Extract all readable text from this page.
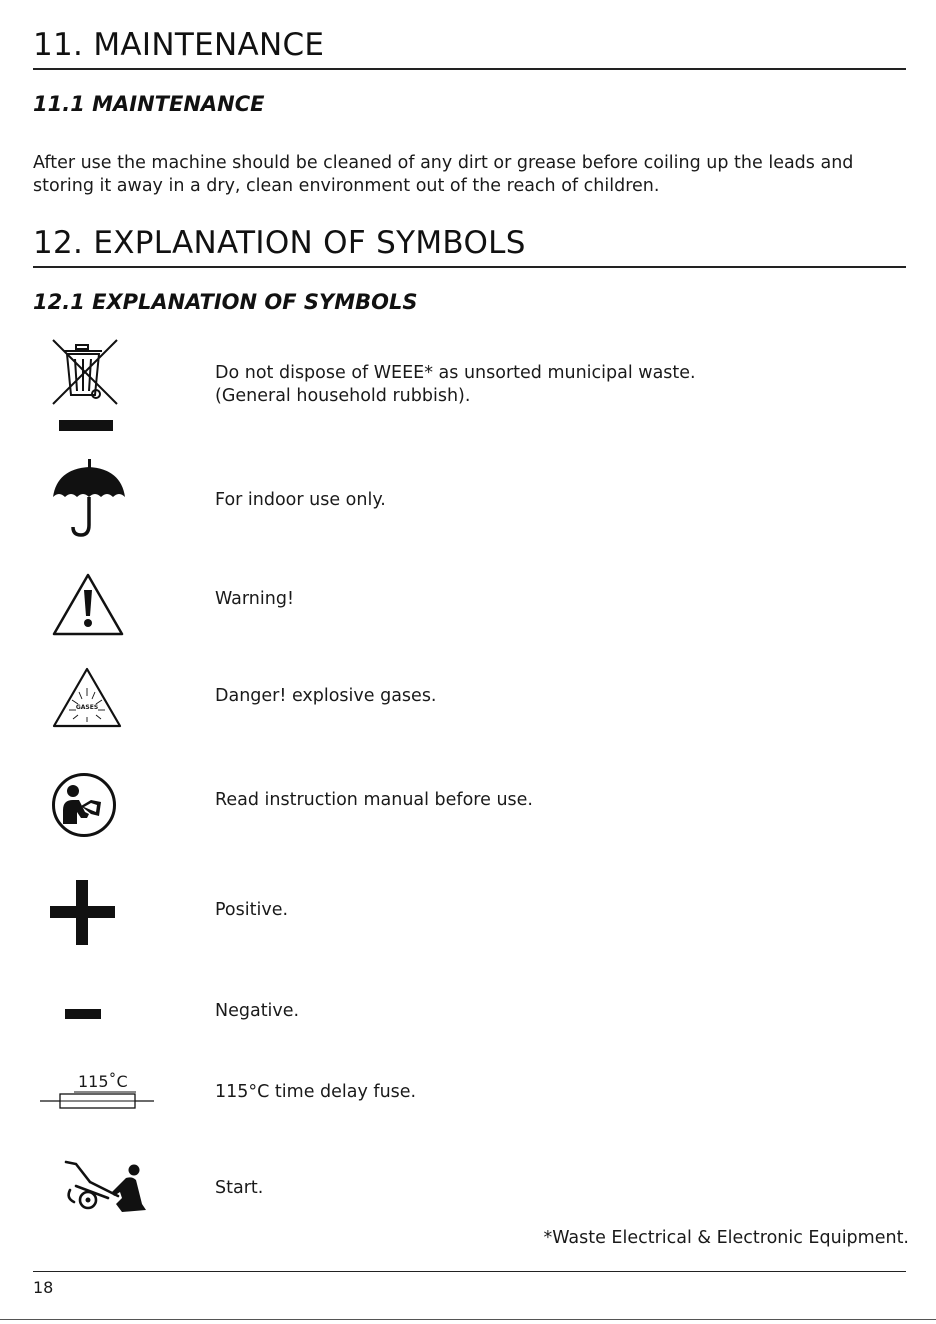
11. MAINTENANCE
11.1 MAINTENANCE
After use the machine should be cleaned of any dirt or grease before coiling up the leads and storing it away in a dry, clean environment out of the reach of children.
12. EXPLANATION OF SYMBOLS
12.1 EXPLANATION OF SYMBOLS
Do not dispose of WEEE* as unsorted municipal waste.
(General household rubbish).
For indoor use only.
Warning!
GASES
Danger! explosive gases.
Read instruction manual before use.
Positive.
Negative.
115˚C
115°C time delay fuse.
Start.
*Waste Electrical & Electronic Equipment.
18
